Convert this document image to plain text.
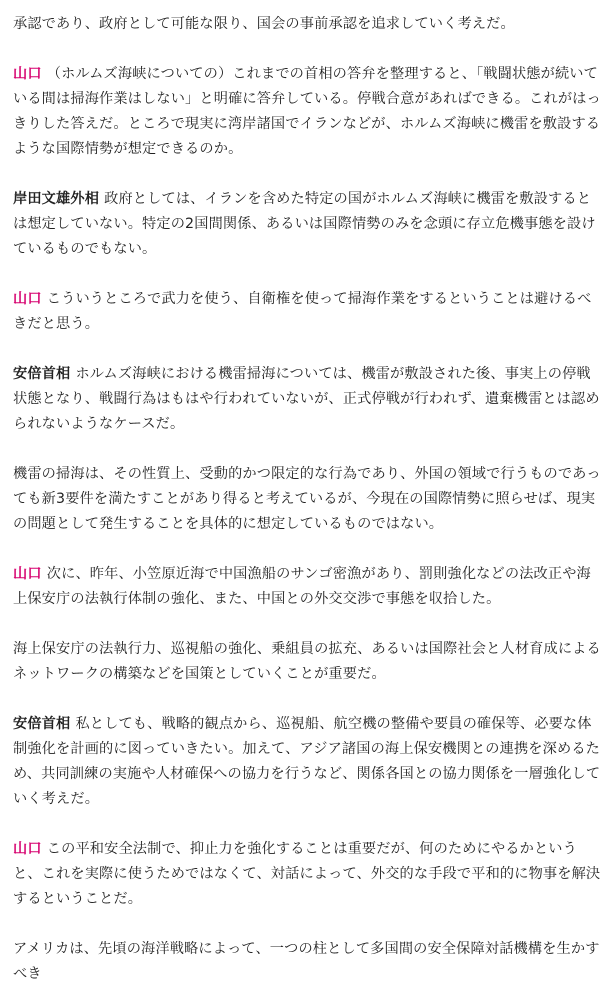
承認であり、政府として可能な限り、国会の事前承認を追求していく考えだ。

山口 （ホルムズ海峡についての）これまでの首相の答弁を整理すると、「戦闘状態が続いている間は掃海作業はしない」と明確に答弁している。停戦合意があればできる。これがはっきりした答えだ。ところで現実に湾岸諸国でイランなどが、ホルムズ海峡に機雷を敷設するような国際情勢が想定できるのか。

岸田文雄外相 政府としては、イランを含めた特定の国がホルムズ海峡に機雷を敷設するとは想定していない。特定の2国間関係、あるいは国際情勢のみを念頭に存立危機事態を設けているものでもない。

山口 こういうところで武力を使う、自衛権を使って掃海作業をするということは避けるべきだと思う。

安倍首相 ホルムズ海峡における機雷掃海については、機雷が敷設された後、事実上の停戦状態となり、戦闘行為はもはや行われていないが、正式停戦が行われず、遺棄機雷とは認められないようなケースだ。

機雷の掃海は、その性質上、受動的かつ限定的な行為であり、外国の領域で行うものであっても新3要件を満たすことがあり得ると考えているが、今現在の国際情勢に照らせば、現実の問題として発生することを具体的に想定しているものではない。

山口 次に、昨年、小笠原近海で中国漁船のサンゴ密漁があり、罰則強化などの法改正や海上保安庁の法執行体制の強化、また、中国との外交交渉で事態を収拾した。

海上保安庁の法執行力、巡視船の強化、乗組員の拡充、あるいは国際社会と人材育成によるネットワークの構築などを国策としていくことが重要だ。

安倍首相 私としても、戦略的観点から、巡視船、航空機の整備や要員の確保等、必要な体制強化を計画的に図っていきたい。加えて、アジア諸国の海上保安機関との連携を深めるため、共同訓練の実施や人材確保への協力を行うなど、関係各国との協力関係を一層強化していく考えだ。

山口 この平和安全法制で、抑止力を強化することは重要だが、何のためにやるかというと、これを実際に使うためではなくて、対話によって、外交的な手段で平和的に物事を解決するということだ。

アメリカは、先頃の海洋戦略によって、一つの柱として多国間の安全保障対話機構を生かすべき
